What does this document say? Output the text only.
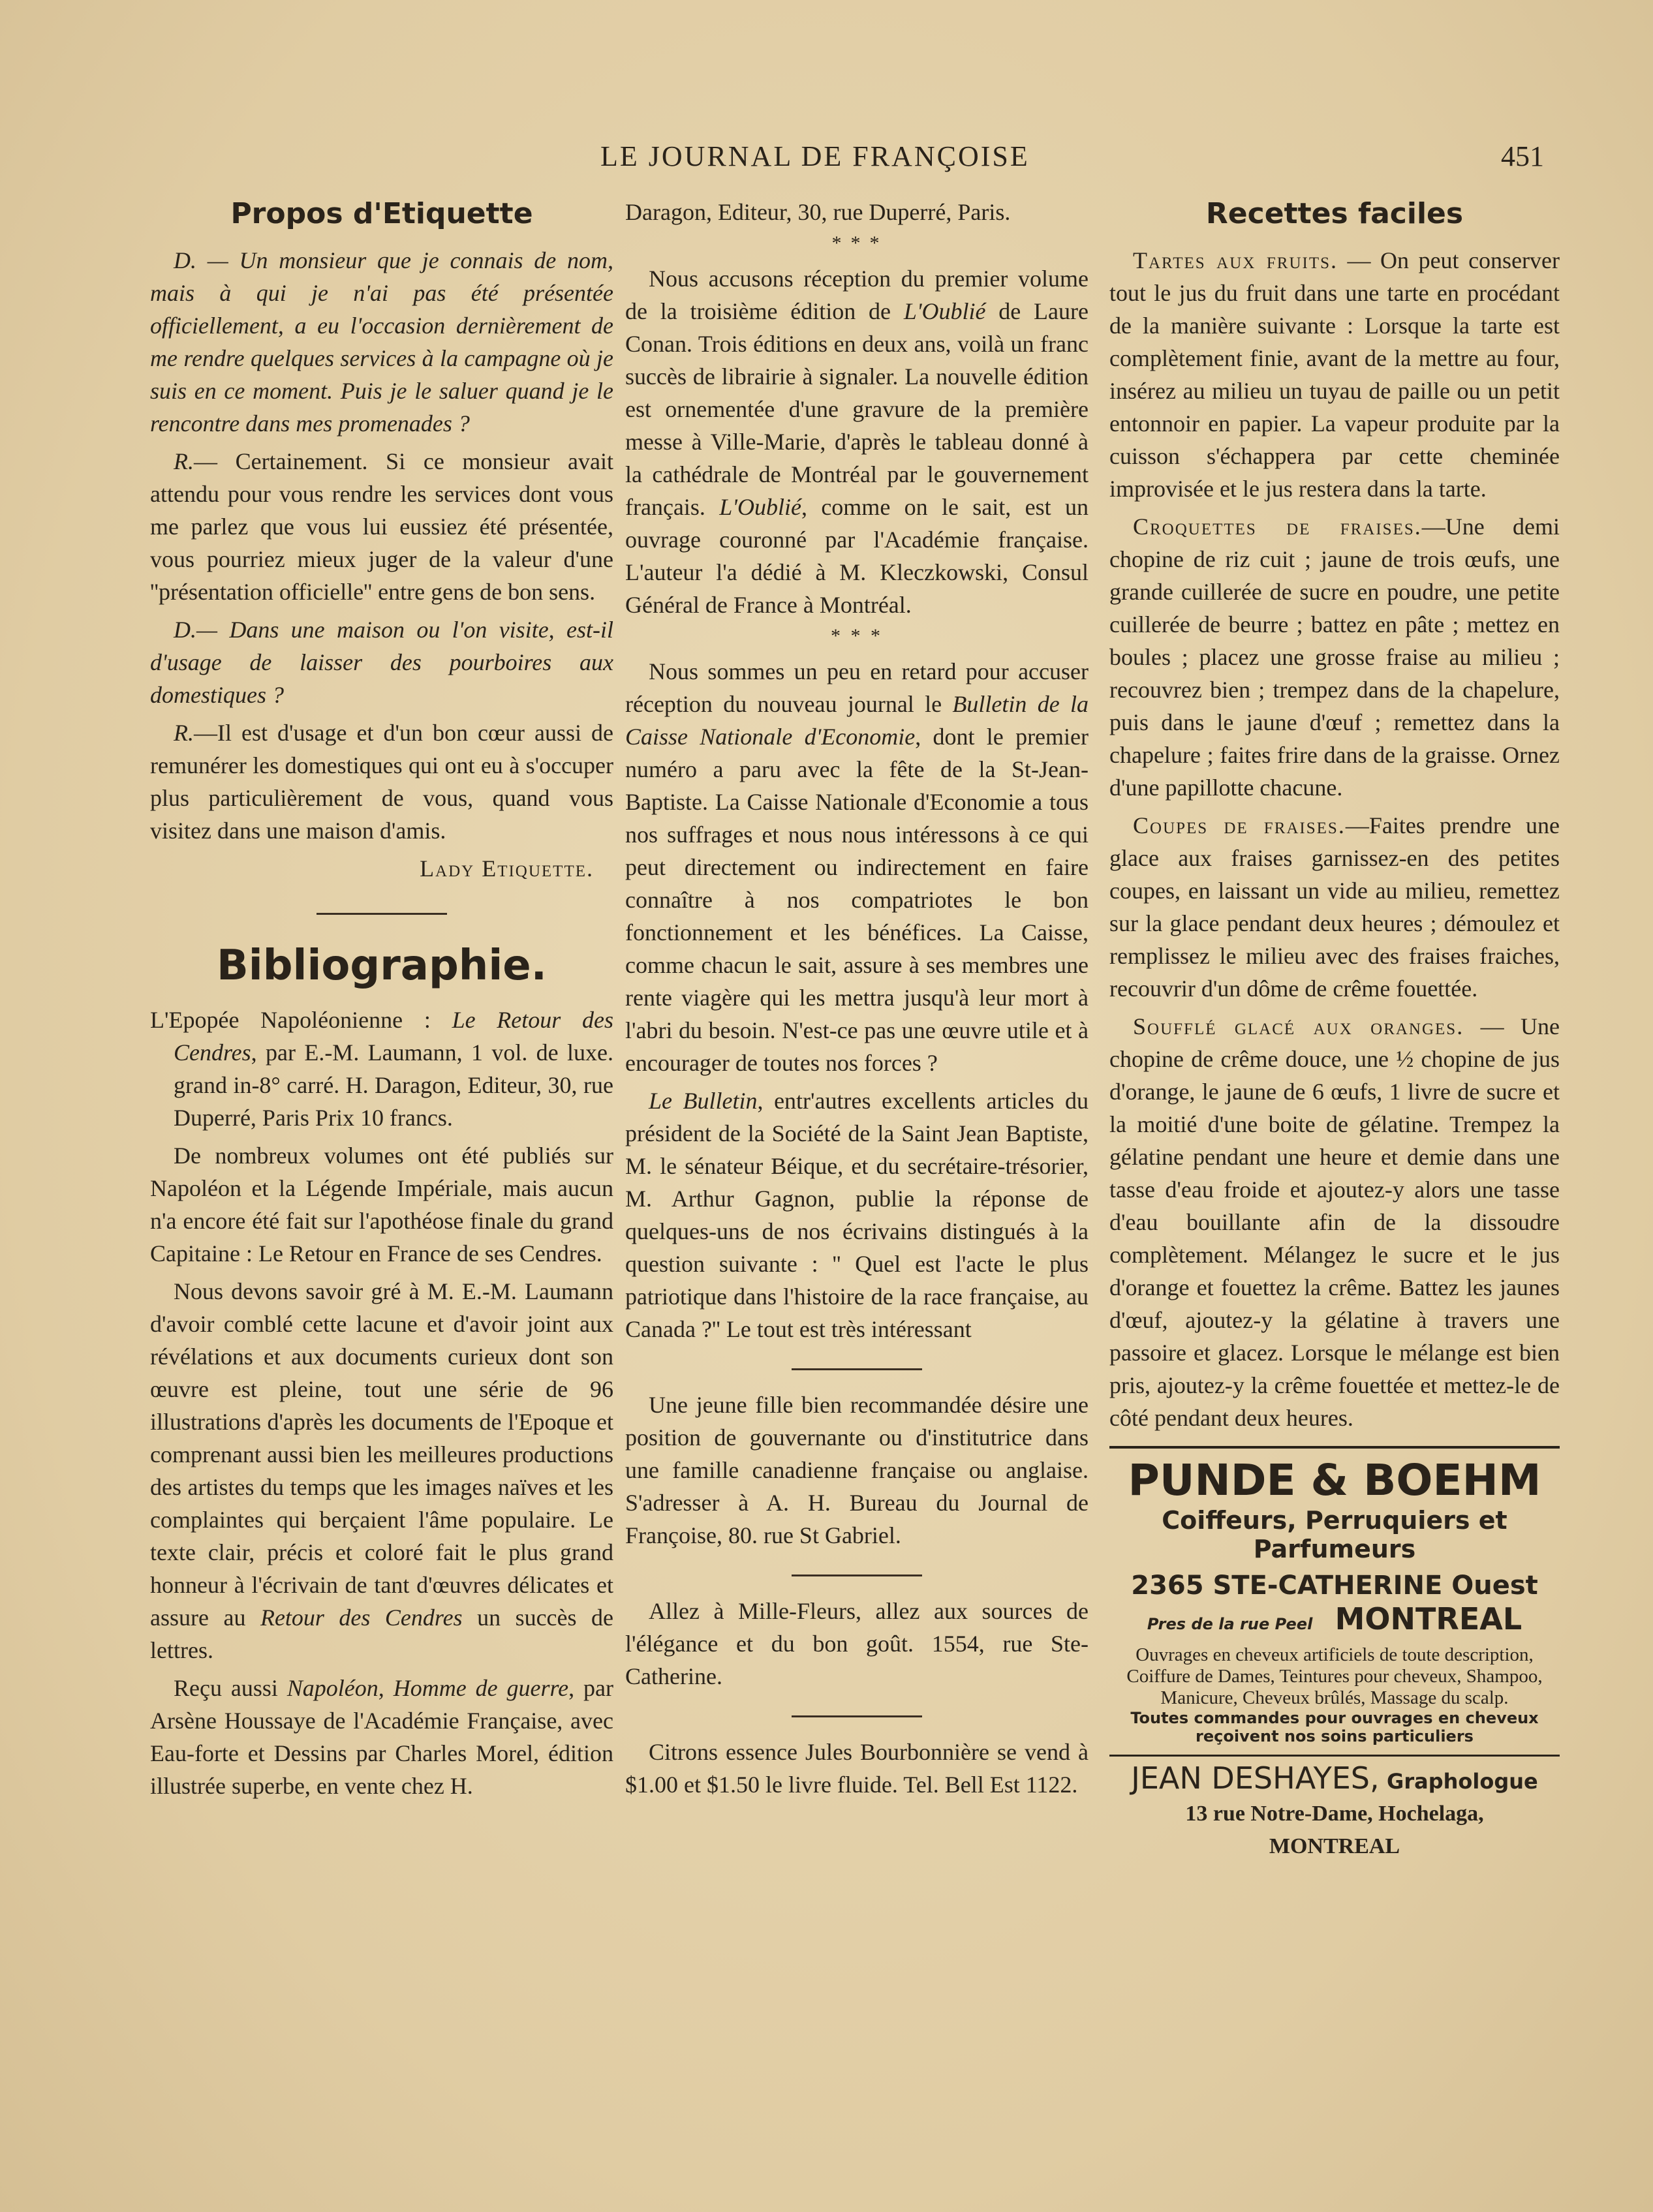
LE JOURNAL DE FRANÇOISE	451
Propos d'Etiquette

D. — Un monsieur que je connais de nom, mais à qui je n'ai pas été présentée officiellement, a eu l'occasion dernièrement de me rendre quelques services à la campagne où je suis en ce moment. Puis je le saluer quand je le rencontre dans mes promenades ?

R.— Certainement. Si ce monsieur avait attendu pour vous rendre les services dont vous me parlez que vous lui eussiez été présentée, vous pourriez mieux juger de la valeur d'une ''présentation officielle'' entre gens de bon sens.

D.— Dans une maison ou l'on visite, est-il d'usage de laisser des pourboires aux domestiques ?

R.—Il est d'usage et d'un bon cœur aussi de remunérer les domestiques qui ont eu à s'occuper plus particulièrement de vous, quand vous visitez dans une maison d'amis.

Lady Etiquette.
Bibliographie.

L'Epopée Napoléonienne : Le Retour des Cendres, par E.-M. Laumann, 1 vol. de luxe. grand in-8° carré. H. Daragon, Editeur, 30, rue Duperré, Paris Prix 10 francs.

De nombreux volumes ont été publiés sur Napoléon et la Légende Impériale, mais aucun n'a encore été fait sur l'apothéose finale du grand Capitaine : Le Retour en France de ses Cendres.

Nous devons savoir gré à M. E.-M. Laumann d'avoir comblé cette lacune et d'avoir joint aux révélations et aux documents curieux dont son œuvre est pleine, tout une série de 96 illustrations d'après les documents de l'Epoque et comprenant aussi bien les meilleures productions des artistes du temps que les images naïves et les complaintes qui berçaient l'âme populaire. Le texte clair, précis et coloré fait le plus grand honneur à l'écrivain de tant d'œuvres délicates et assure au Retour des Cendres un succès de lettres.

Reçu aussi Napoléon, Homme de guerre, par Arsène Houssaye de l'Académie Française, avec Eau-forte et Dessins par Charles Morel, édition illustrée superbe, en vente chez H.

Daragon, Editeur, 30, rue Duperré, Paris.

* * *

Nous accusons réception du premier volume de la troisième édition de L'Oublié de Laure Conan. Trois éditions en deux ans, voilà un franc succès de librairie à signaler. La nouvelle édition est ornementée d'une gravure de la première messe à Ville-Marie, d'après le tableau donné à la cathédrale de Montréal par le gouvernement français. L'Oublié, comme on le sait, est un ouvrage couronné par l'Académie française. L'auteur l'a dédié à M. Kleczkowski, Consul Général de France à Montréal.

* * *

Nous sommes un peu en retard pour accuser réception du nouveau journal le Bulletin de la Caisse Nationale d'Economie, dont le premier numéro a paru avec la fête de la St-Jean-Baptiste. La Caisse Nationale d'Economie a tous nos suffrages et nous nous intéressons à ce qui peut directement ou indirectement en faire connaître à nos compatriotes le bon fonctionnement et les bénéfices. La Caisse, comme chacun le sait, assure à ses membres une rente viagère qui les mettra jusqu'à leur mort à l'abri du besoin. N'est-ce pas une œuvre utile et à encourager de toutes nos forces ?

Le Bulletin, entr'autres excellents articles du président de la Société de la Saint Jean Baptiste, M. le sénateur Béique, et du secrétaire-trésorier, M. Arthur Gagnon, publie la réponse de quelques-uns de nos écrivains distingués à la question suivante : '' Quel est l'acte le plus patriotique dans l'histoire de la race française, au Canada ?'' Le tout est très intéressant

Une jeune fille bien recommandée désire une position de gouvernante ou d'institutrice dans une famille canadienne française ou anglaise. S'adresser à A. H. Bureau du Journal de Françoise, 80. rue St Gabriel.

Allez à Mille-Fleurs, allez aux sources de l'élégance et du bon goût. 1554, rue Ste-Catherine.

Citrons essence Jules Bourbonnière se vend à $1.00 et $1.50 le livre fluide. Tel. Bell Est 1122.

Recettes faciles

Tartes aux fruits. — On peut conserver tout le jus du fruit dans une tarte en procédant de la manière suivante : Lorsque la tarte est complètement finie, avant de la mettre au four, insérez au milieu un tuyau de paille ou un petit entonnoir en papier. La vapeur produite par la cuisson s'échappera par cette cheminée improvisée et le jus restera dans la tarte.

Croquettes de fraises.—Une demi chopine de riz cuit ; jaune de trois œufs, une grande cuillerée de sucre en poudre, une petite cuillerée de beurre ; battez en pâte ; mettez en boules ; placez une grosse fraise au milieu ; recouvrez bien ; trempez dans de la chapelure, puis dans le jaune d'œuf ; remettez dans la chapelure ; faites frire dans de la graisse. Ornez d'une papillotte chacune.

Coupes de fraises.—Faites prendre une glace aux fraises garnissez-en des petites coupes, en laissant un vide au milieu, remettez sur la glace pendant deux heures ; démoulez et remplissez le milieu avec des fraises fraiches, recouvrir d'un dôme de crême fouettée.

Soufflé glacé aux oranges. — Une chopine de crême douce, une ½ chopine de jus d'orange, le jaune de 6 œufs, 1 livre de sucre et la moitié d'une boite de gélatine. Trempez la gélatine pendant une heure et demie dans une tasse d'eau froide et ajoutez-y alors une tasse d'eau bouillante afin de la dissoudre complètement. Mélangez le sucre et le jus d'orange et fouettez la crême. Battez les jaunes d'œuf, ajoutez-y la gélatine à travers une passoire et glacez. Lorsque le mélange est bien pris, ajoutez-y la crême fouettée et mettez-le de côté pendant deux heures.

PUNDE & BOEHM
Coiffeurs, Perruquiers et Parfumeurs
2365 STE-CATHERINE Ouest
Pres de la rue Peel MONTREAL
Ouvrages en cheveux artificiels de toute description, Coiffure de Dames, Teintures pour cheveux, Shampoo, Manicure, Cheveux brûlés, Massage du scalp.
Toutes commandes pour ouvrages en cheveux reçoivent nos soins particuliers
JEAN DESHAYES, Graphologue
13 rue Notre-Dame, Hochelaga,
MONTREAL
